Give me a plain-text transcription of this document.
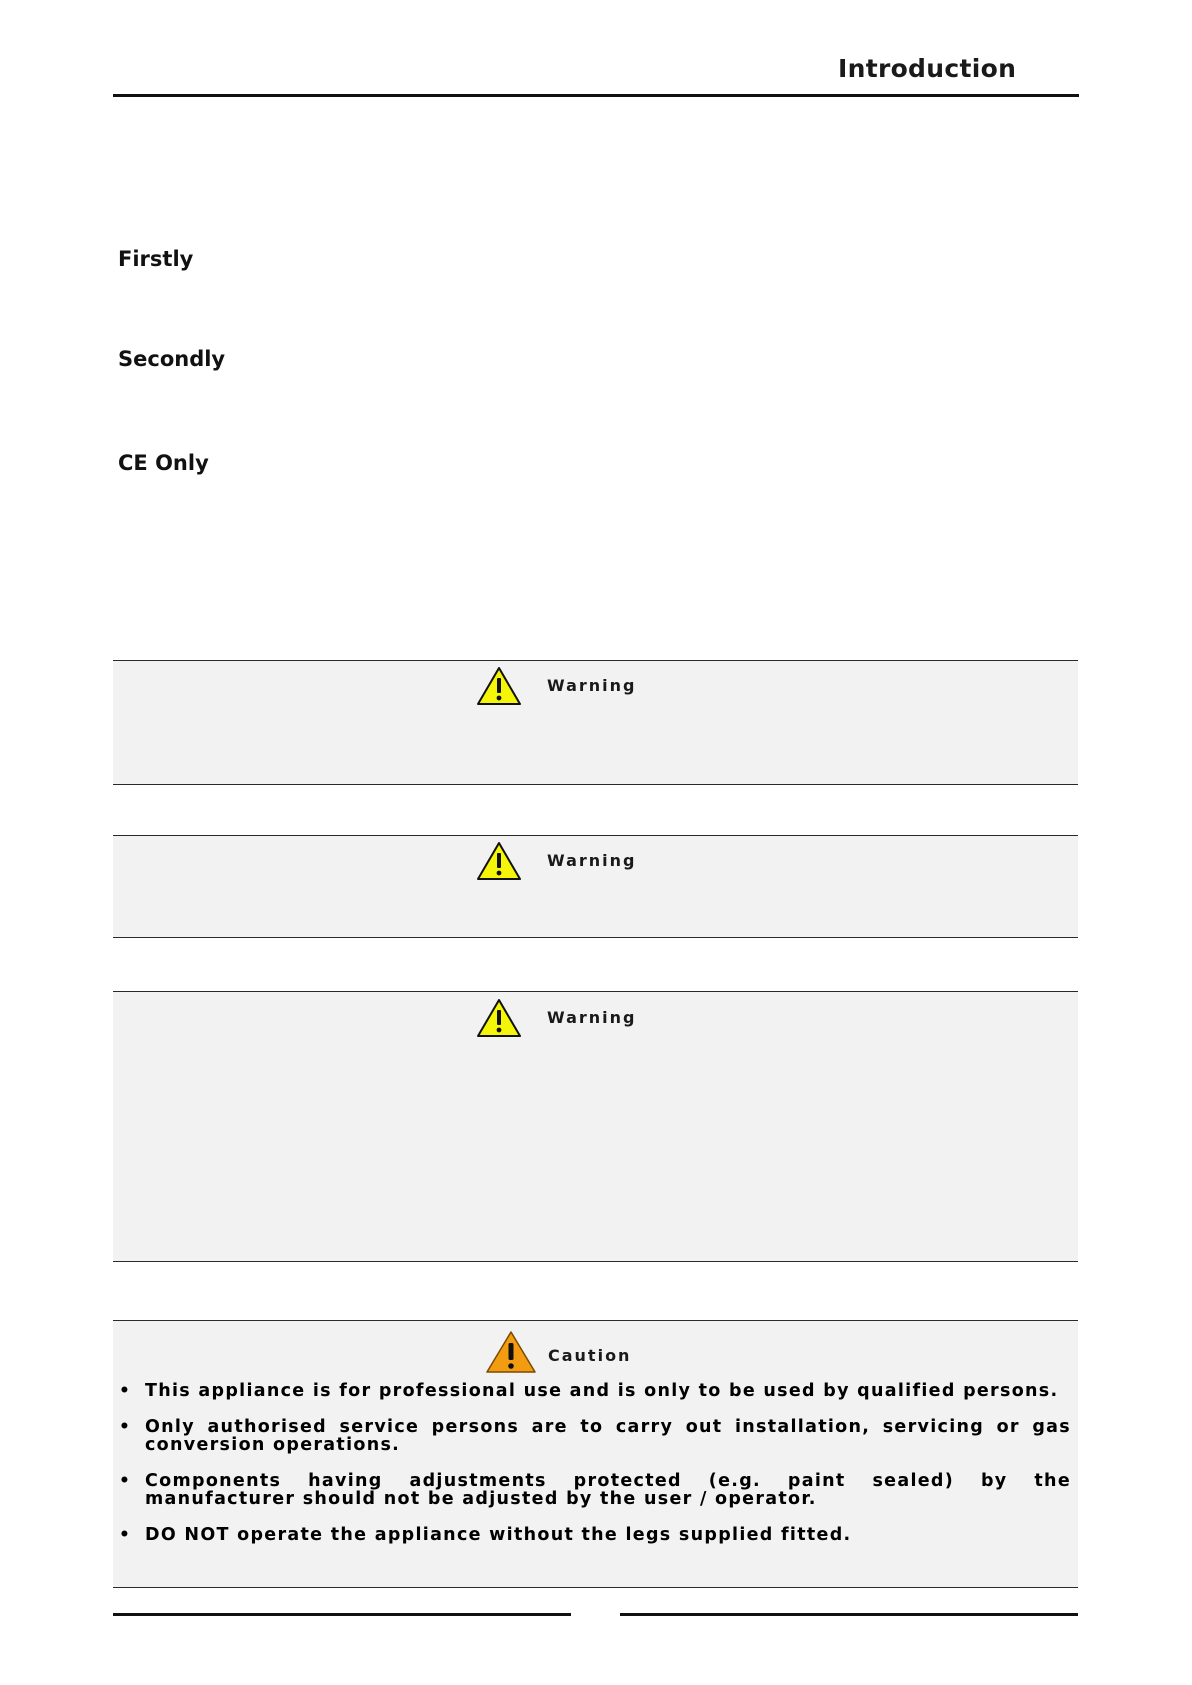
Introduction
Firstly
Secondly
CE Only
Warning
Warning
Warning
Caution
• This appliance is for professional use and is only to be used by qualified persons.
• Only authorised service persons are to carry out installation, servicing or gas conversion operations.
• Components having adjustments protected (e.g. paint sealed) by the manufacturer should not be adjusted by the user / operator.
• DO NOT operate the appliance without the legs supplied fitted.
